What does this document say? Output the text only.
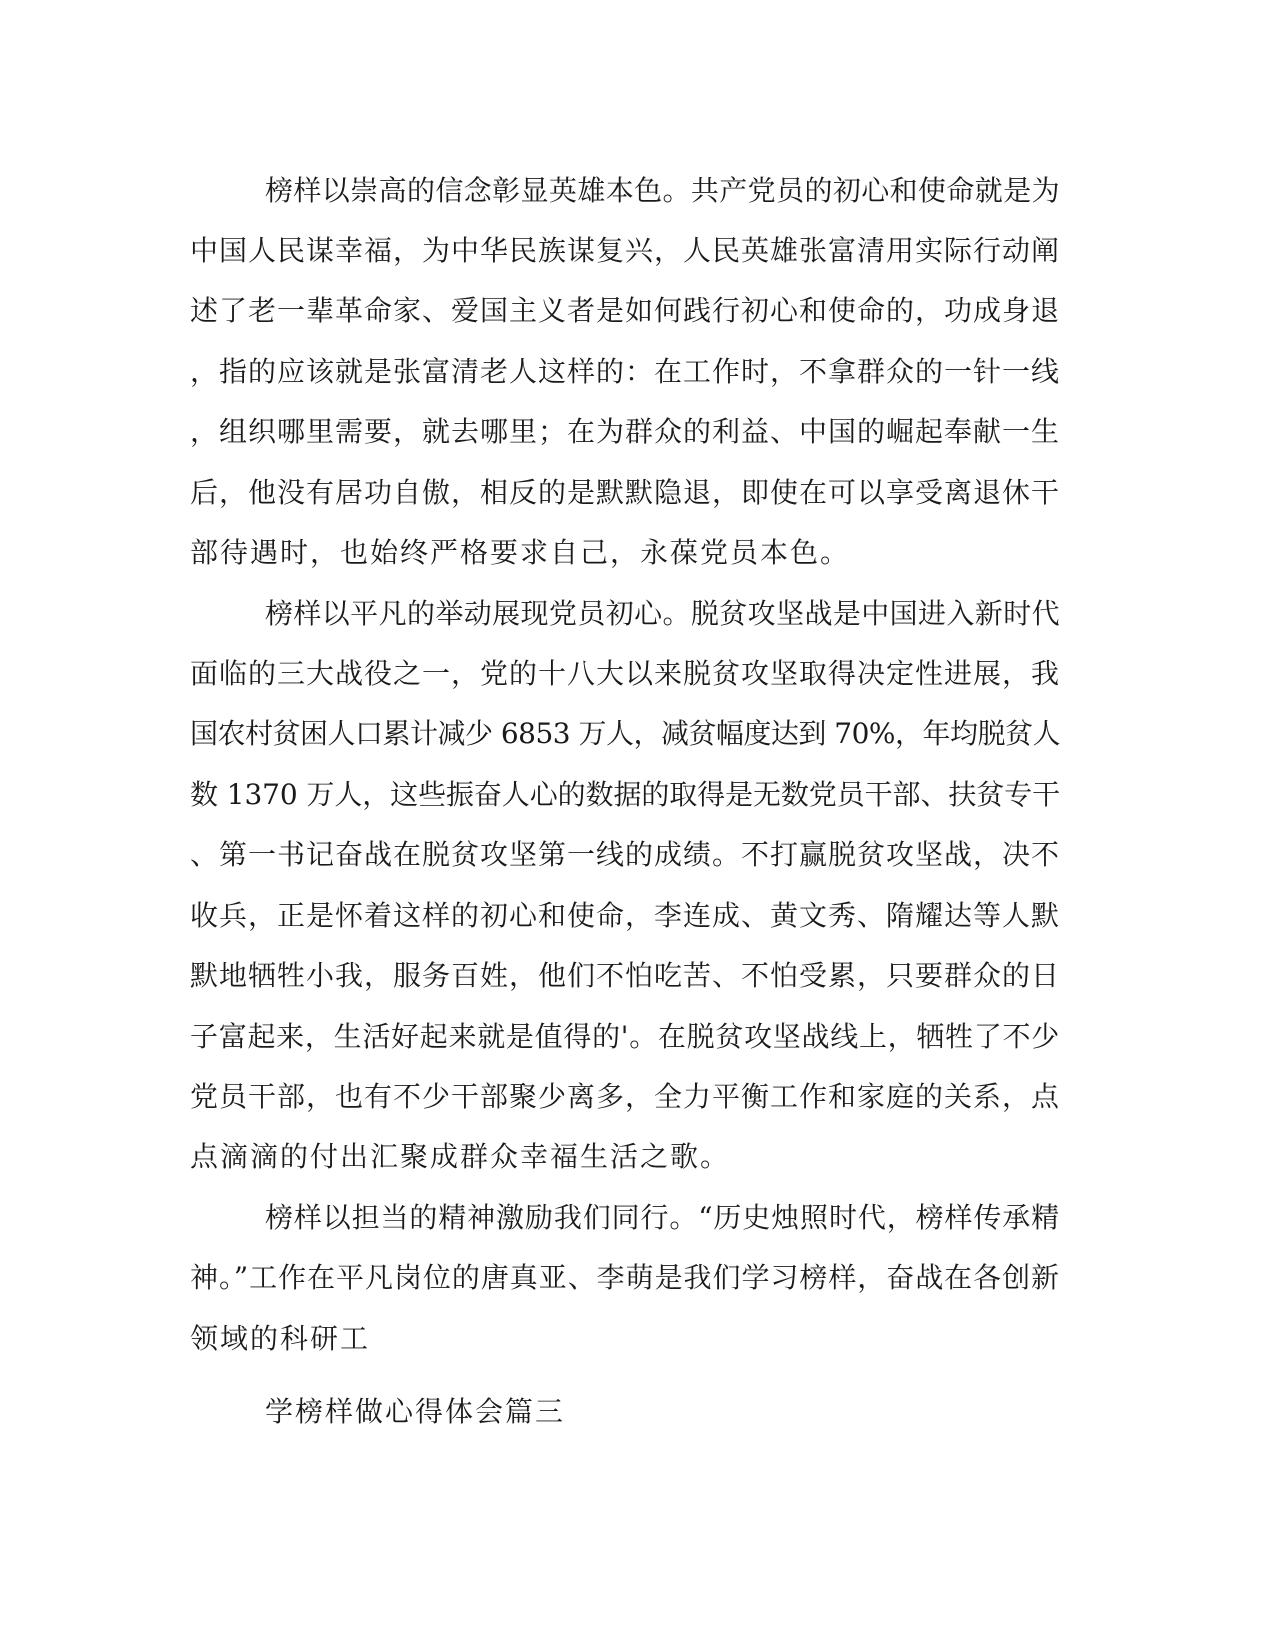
榜样以崇高的信念彰显英雄本色。共产党员的初心和使命就是为
中国人民谋幸福，为中华民族谋复兴，人民英雄张富清用实际行动阐
述了老一辈革命家、爱国主义者是如何践行初心和使命的，功成身退
，指的应该就是张富清老人这样的：在工作时，不拿群众的一针一线
，组织哪里需要，就去哪里；在为群众的利益、中国的崛起奉献一生
后，他没有居功自傲，相反的是默默隐退，即使在可以享受离退休干
部待遇时，也始终严格要求自己，永葆党员本色。
榜样以平凡的举动展现党员初心。脱贫攻坚战是中国进入新时代
面临的三大战役之一，党的十八大以来脱贫攻坚取得决定性进展，我
国农村贫困人口累计减少 6853 万人，减贫幅度达到 70%，年均脱贫人
数 1370 万人，这些振奋人心的数据的取得是无数党员干部、扶贫专干
、第一书记奋战在脱贫攻坚第一线的成绩。不打赢脱贫攻坚战，决不
收兵，正是怀着这样的初心和使命，李连成、黄文秀、隋耀达等人默
默地牺牲小我，服务百姓，他们不怕吃苦、不怕受累，只要群众的日
子富起来，生活好起来就是值得的'。在脱贫攻坚战线上，牺牲了不少
党员干部，也有不少干部聚少离多，全力平衡工作和家庭的关系，点
点滴滴的付出汇聚成群众幸福生活之歌。
榜样以担当的精神激励我们同行。“历史烛照时代，榜样传承精
神。”工作在平凡岗位的唐真亚、李萌是我们学习榜样，奋战在各创新
领域的科研工
学榜样做心得体会篇三
